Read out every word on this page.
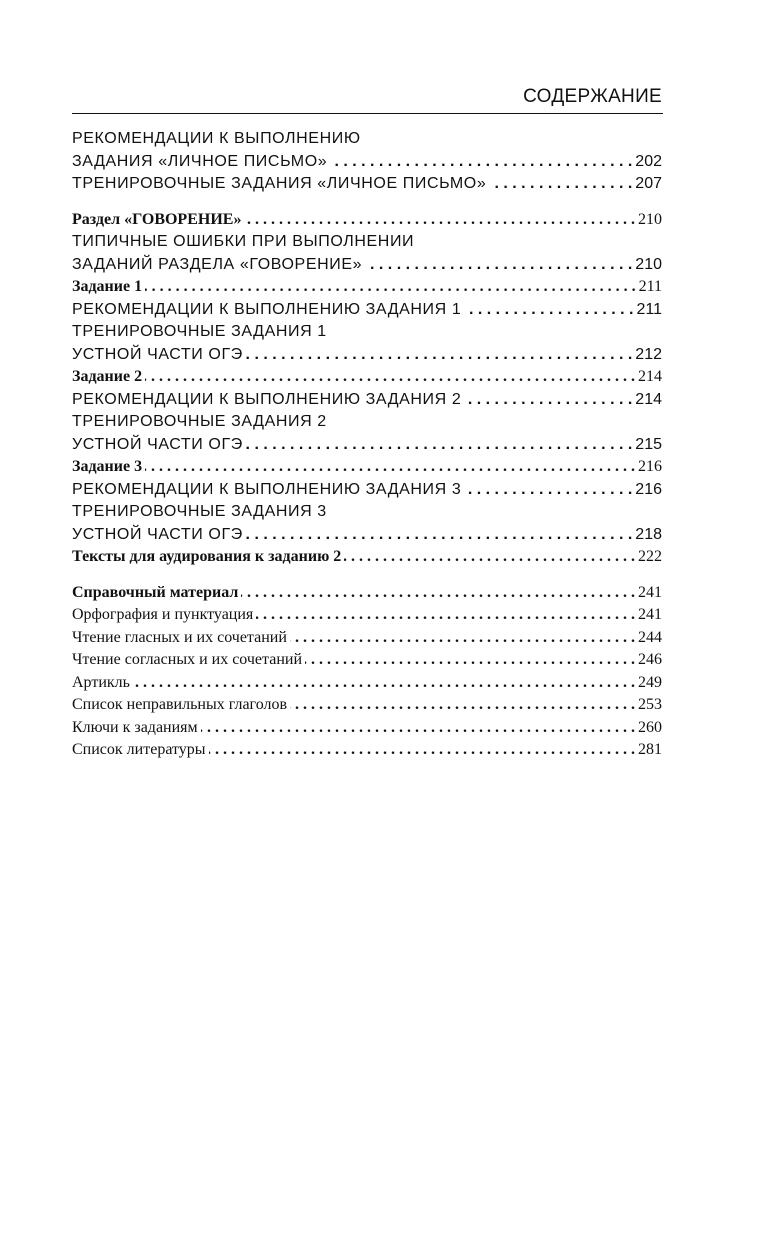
СОДЕРЖАНИЕ
РЕКОМЕНДАЦИИ К ВЫПОЛНЕНИЮ
ЗАДАНИЯ «ЛИЧНОЕ ПИСЬМО» . . .	202
ТРЕНИРОВОЧНЫЕ ЗАДАНИЯ «ЛИЧНОЕ ПИСЬМО» . . .	207
Раздел «ГОВОРЕНИЕ» . . .	210
ТИПИЧНЫЕ ОШИБКИ ПРИ ВЫПОЛНЕНИИ
ЗАДАНИЙ РАЗДЕЛА «ГОВОРЕНИЕ» . . .	210
Задание 1 . . .	211
РЕКОМЕНДАЦИИ К ВЫПОЛНЕНИЮ ЗАДАНИЯ 1 . . .	211
ТРЕНИРОВОЧНЫЕ ЗАДАНИЯ 1
УСТНОЙ ЧАСТИ ОГЭ . . .	212
Задание 2 . . .	214
РЕКОМЕНДАЦИИ К ВЫПОЛНЕНИЮ ЗАДАНИЯ 2 . . .	214
ТРЕНИРОВОЧНЫЕ ЗАДАНИЯ 2
УСТНОЙ ЧАСТИ ОГЭ . . .	215
Задание 3 . . .	216
РЕКОМЕНДАЦИИ К ВЫПОЛНЕНИЮ ЗАДАНИЯ 3 . . .	216
ТРЕНИРОВОЧНЫЕ ЗАДАНИЯ 3
УСТНОЙ ЧАСТИ ОГЭ . . .	218
Тексты для аудирования к заданию 2 . . .	222
Справочный материал . . .	241
Орфография и пунктуация . . .	241
Чтение гласных и их сочетаний . . .	244
Чтение согласных и их сочетаний . . .	246
Артикль . . .	249
Список неправильных глаголов . . .	253
Ключи к заданиям . . .	260
Список литературы . . .	281
